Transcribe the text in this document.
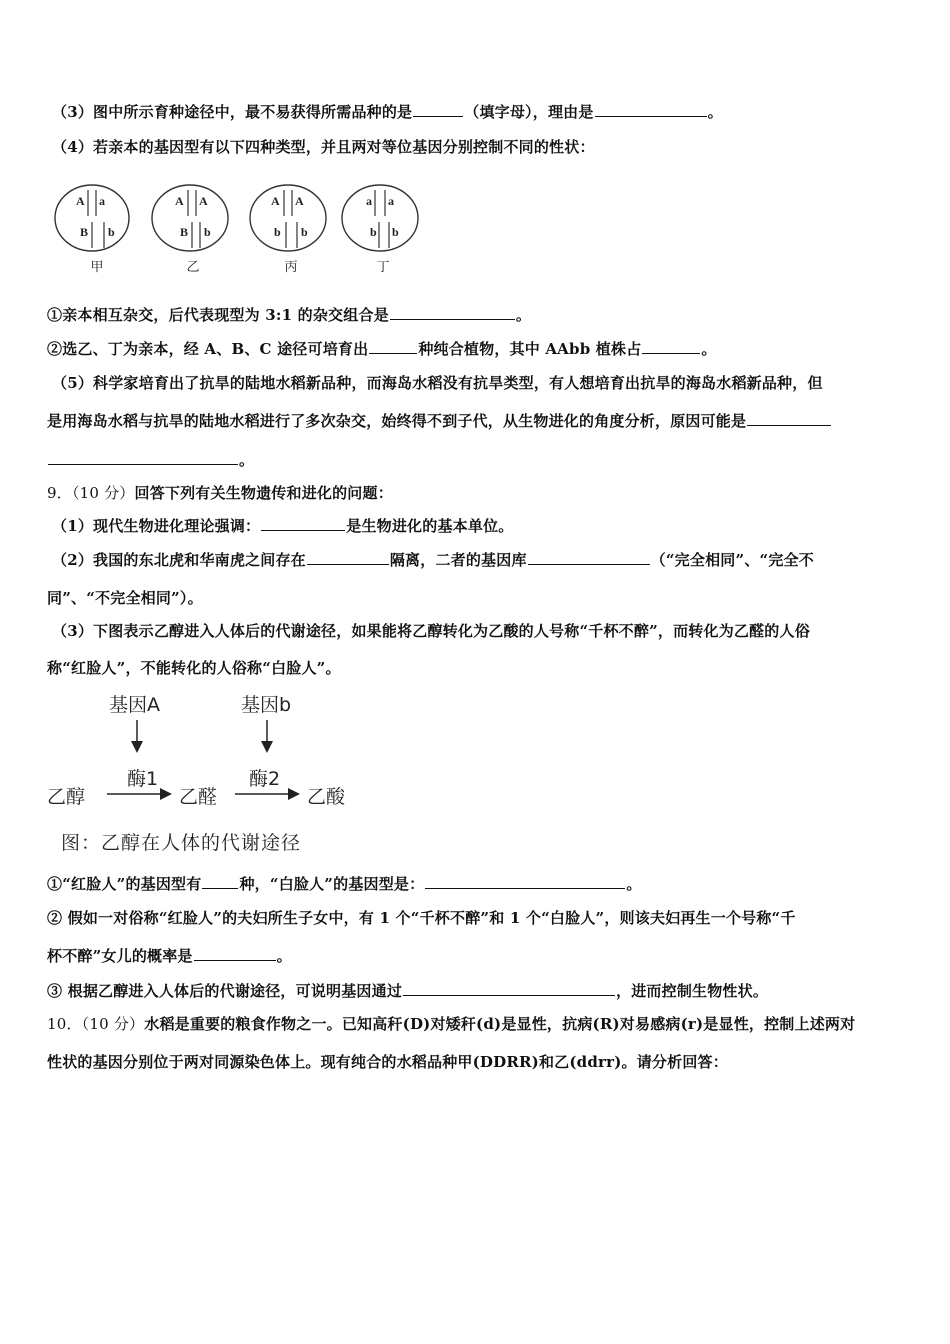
（3）图中所示育种途径中，最不易获得所需品种的是	（填字母），理由是	。
（4）若亲本的基因型有以下四种类型，并且两对等位基因分别控制不同的性状：
A a
B b
甲
A A
B b
乙
A A
b b
丙
a a
b b
丁
①亲本相互杂交，后代表现型为 3:1 的杂交组合是	。
②选乙、丁为亲本，经 A、B、C 途径可培育出	种纯合植物，其中 AAbb 植株占	。
（5）科学家培育出了抗旱的陆地水稻新品种，而海岛水稻没有抗旱类型，有人想培育出抗旱的海岛水稻新品种，但
是用海岛水稻与抗旱的陆地水稻进行了多次杂交，始终得不到子代，从生物进化的角度分析，原因可能是
。
9．（10 分）回答下列有关生物遗传和进化的问题：
（1）现代生物进化理论强调：	是生物进化的基本单位。
（2）我国的东北虎和华南虎之间存在	隔离，二者的基因库	（“完全相同”、“完全不
同”、“不完全相同”）。
（3）下图表示乙醇进入人体后的代谢途径，如果能将乙醇转化为乙酸的人号称“千杯不醉”，而转化为乙醛的人俗
称“红脸人”，不能转化的人俗称“白脸人”。
基因A	基因b
酶1	酶2
乙醇	乙醛	乙酸
图：乙醇在人体的代谢途径
①“红脸人”的基因型有	种，“白脸人”的基因型是：	。
② 假如一对俗称“红脸人”的夫妇所生子女中，有 1 个“千杯不醉”和 1 个“白脸人”，则该夫妇再生一个号称“千
杯不醉”女儿的概率是	。
③ 根据乙醇进入人体后的代谢途径，可说明基因通过	，进而控制生物性状。
10．（10 分）水稻是重要的粮食作物之一。已知高秆(D)对矮秆(d)是显性，抗病(R)对易感病(r)是显性，控制上述两对
性状的基因分别位于两对同源染色体上。现有纯合的水稻品种甲(DDRR)和乙(ddrr)。请分析回答：
